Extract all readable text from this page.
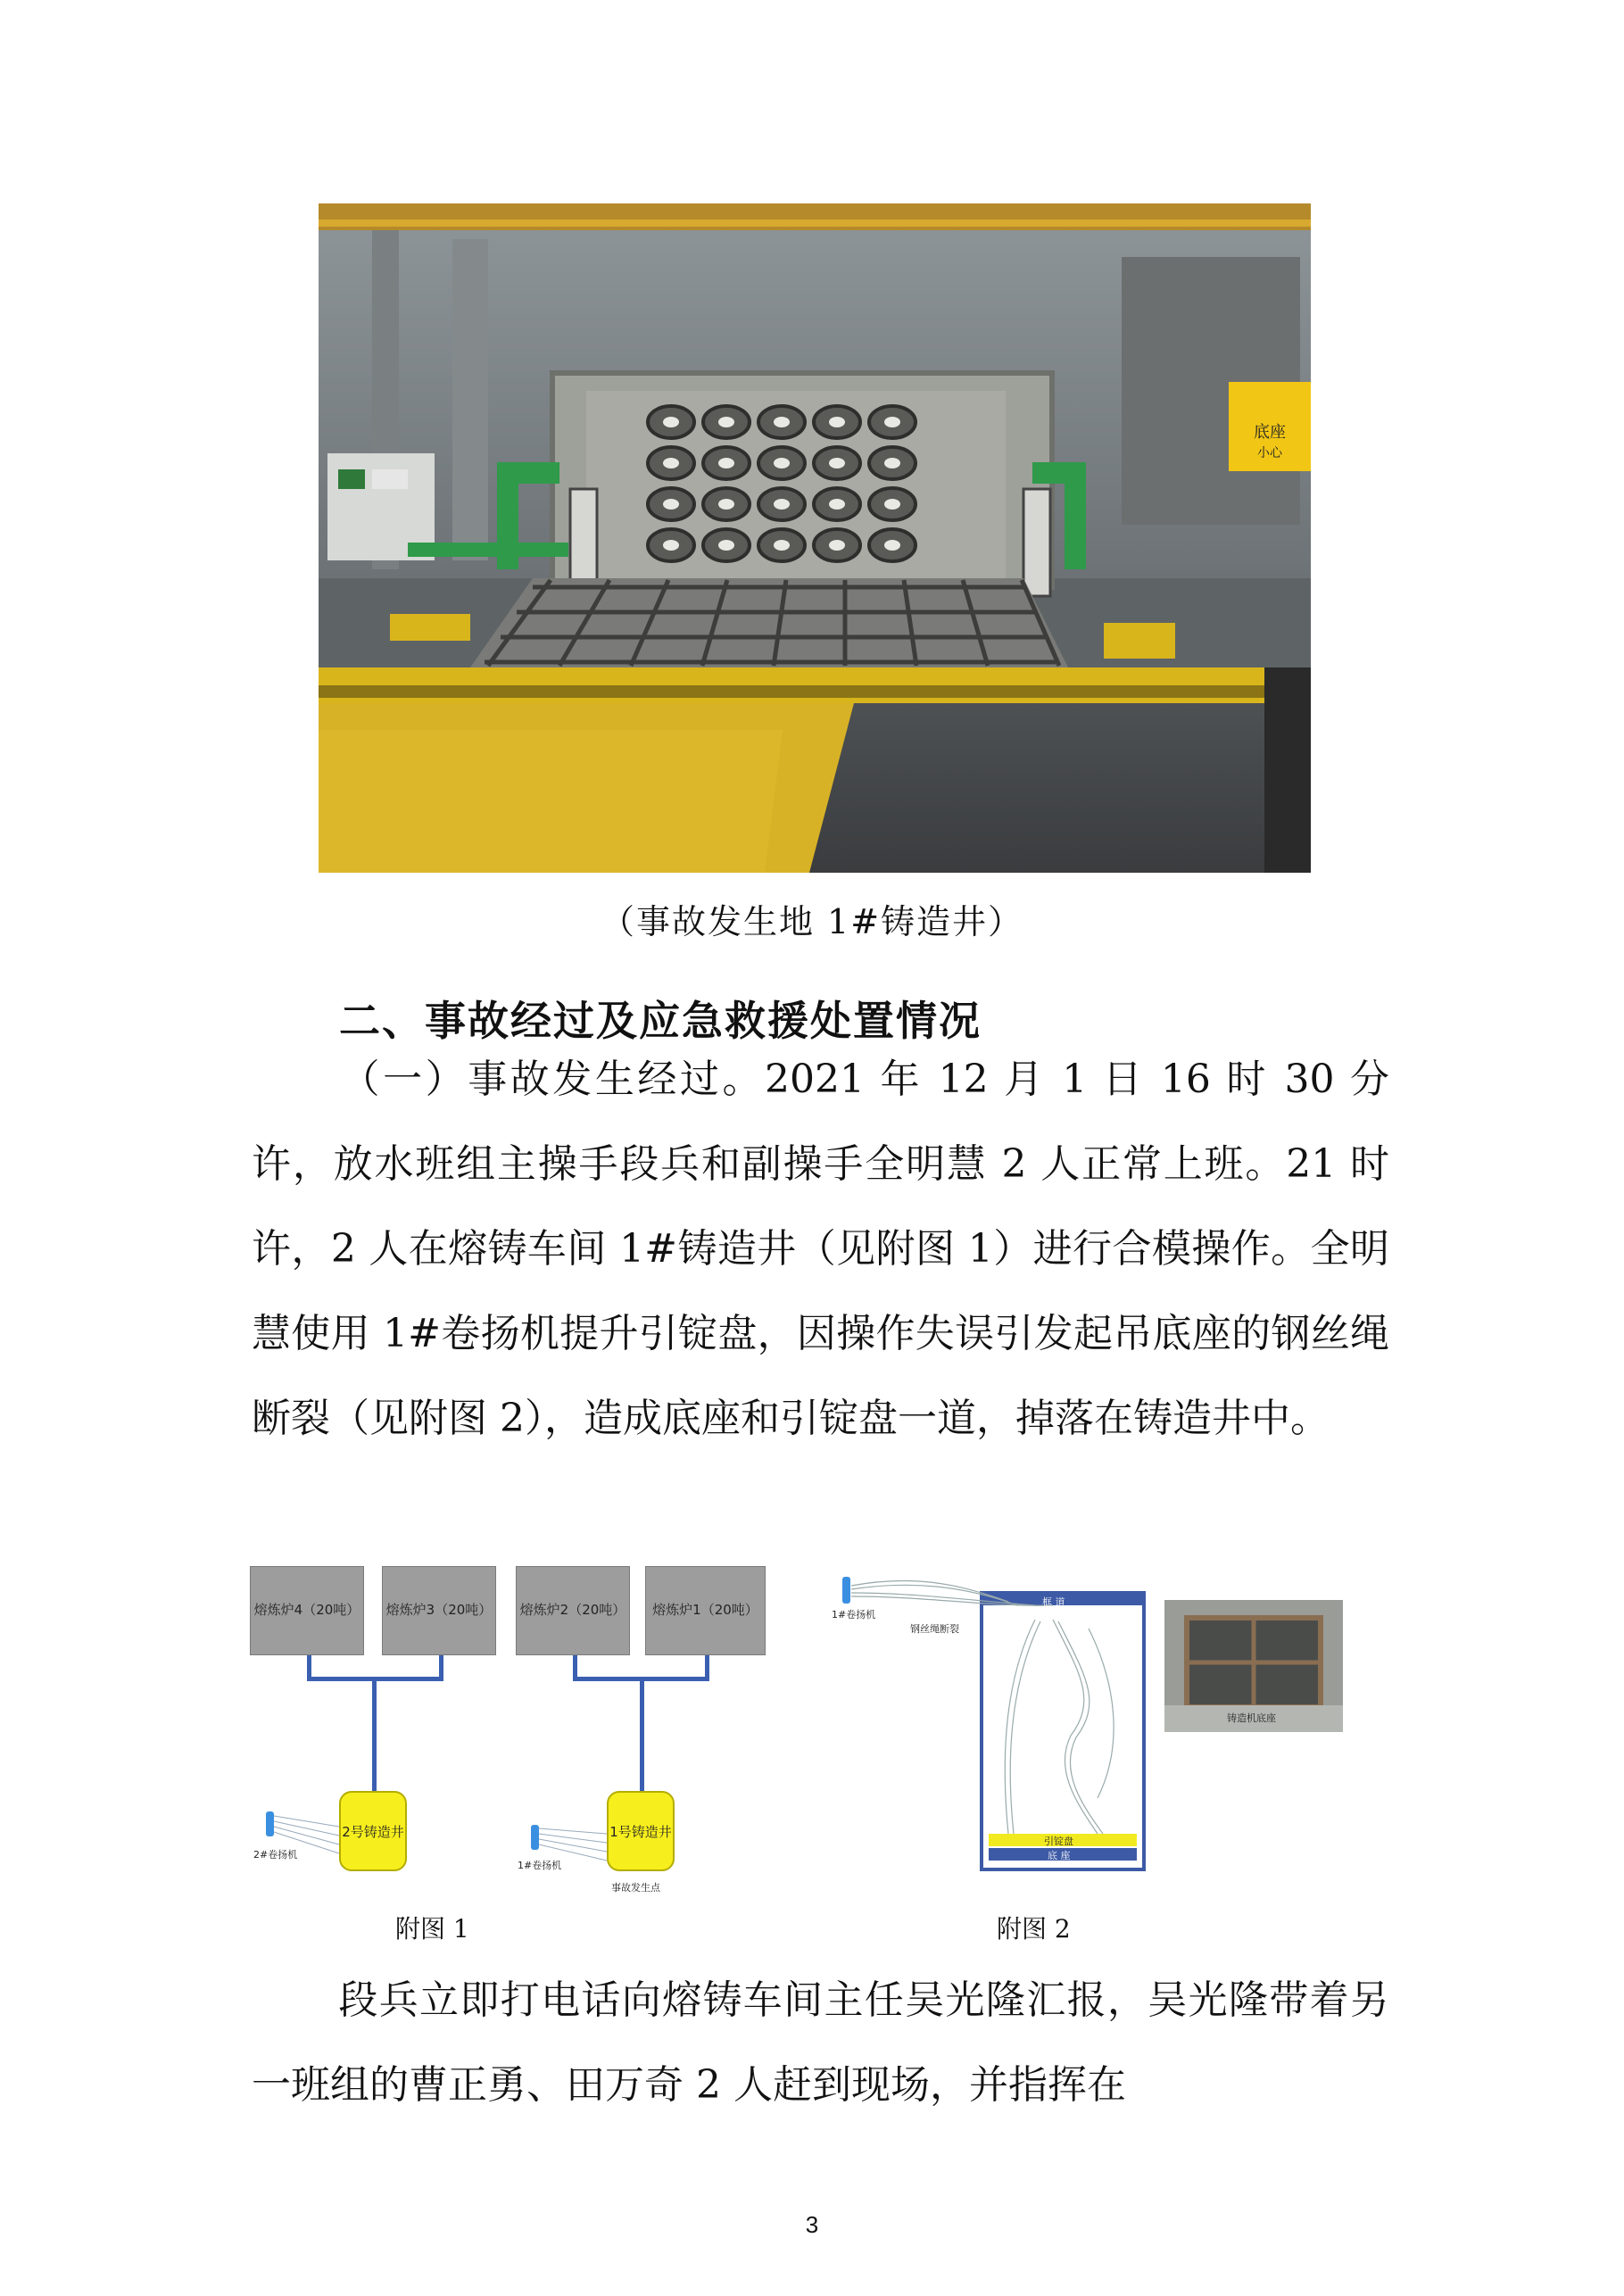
底座
小心
（事故发生地 1#铸造井）
二、事故经过及应急救援处置情况
（一）事故发生经过。2021 年 12 月 1 日 16 时 30 分许，放水班组主操手段兵和副操手全明慧 2 人正常上班。21 时许，2 人在熔铸车间 1#铸造井（见附图 1）进行合模操作。全明慧使用 1#卷扬机提升引锭盘，因操作失误引发起吊底座的钢丝绳断裂（见附图 2），造成底座和引锭盘一道，掉落在铸造井中。
熔炼炉4（20吨） 熔炼炉3（20吨） 熔炼炉2（20吨）	熔炼炉1（20吨）
2号铸造井	1号铸造井
2#卷扬机
1#卷扬机
事故发生点
附图 1
1#卷扬机
钢丝绳断裂
框 道
引锭盘
底 座
铸造机底座
附图 2
段兵立即打电话向熔铸车间主任吴光隆汇报，吴光隆带着另一班组的曹正勇、田万奇 2 人赶到现场，并指挥在
3
